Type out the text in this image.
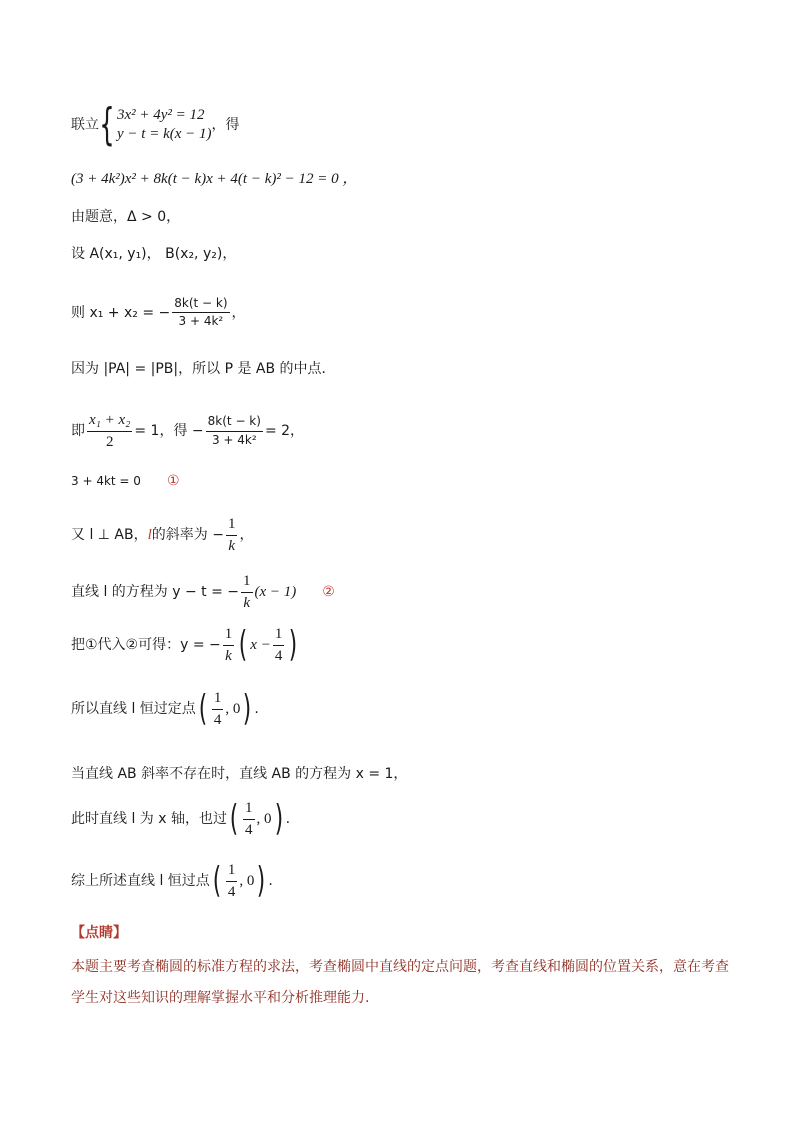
联立 { 3x² + 4y² = 12
y − t = k(x − 1)
，得
(3 + 4k²)x² + 8k(t − k)x + 4(t − k)² − 12 = 0 ，
由题意，Δ > 0，
设 A(x₁, y₁)， B(x₂, y₂)，
则 x₁ + x₂ = − $\frac{8k(t - k)}{\text{3 + 4k²}}$ ，
因为 |PA| = |PB|，所以 P 是 AB 的中点．
即 $\frac{\text{x₁ + x₂}}{2} = 1$，得 − $\frac{8k(t - k)}{\text{3 + 4k²}} = 2$，
3 + 4kt = 0 ①
又 l ⊥ AB， l 的斜率为 − $\frac{1}{k}$ ，
直线 l 的方程为 y − t = − $\frac{1}{k} (x - 1)$ ②
把①代入②可得：y = − $\frac{1}{k}$ ( $x - \frac{1}{4}$ )
所以直线 l 恒过定点 ( $\frac{1}{4}$ , 0 ) .
当直线 AB 斜率不存在时，直线 AB 的方程为 x = 1，
此时直线 l 为 x 轴，也过 ( $\frac{1}{4}$ , 0 ) .
综上所述直线 l 恒过点 ( $\frac{1}{4}$ , 0 ) .
【点睛】
本题主要考查椭圆的标准方程的求法，考查椭圆中直线的定点问题，考查直线和椭圆的位置关系，意在考查学生对这些知识的理解掌握水平和分析推理能力.
